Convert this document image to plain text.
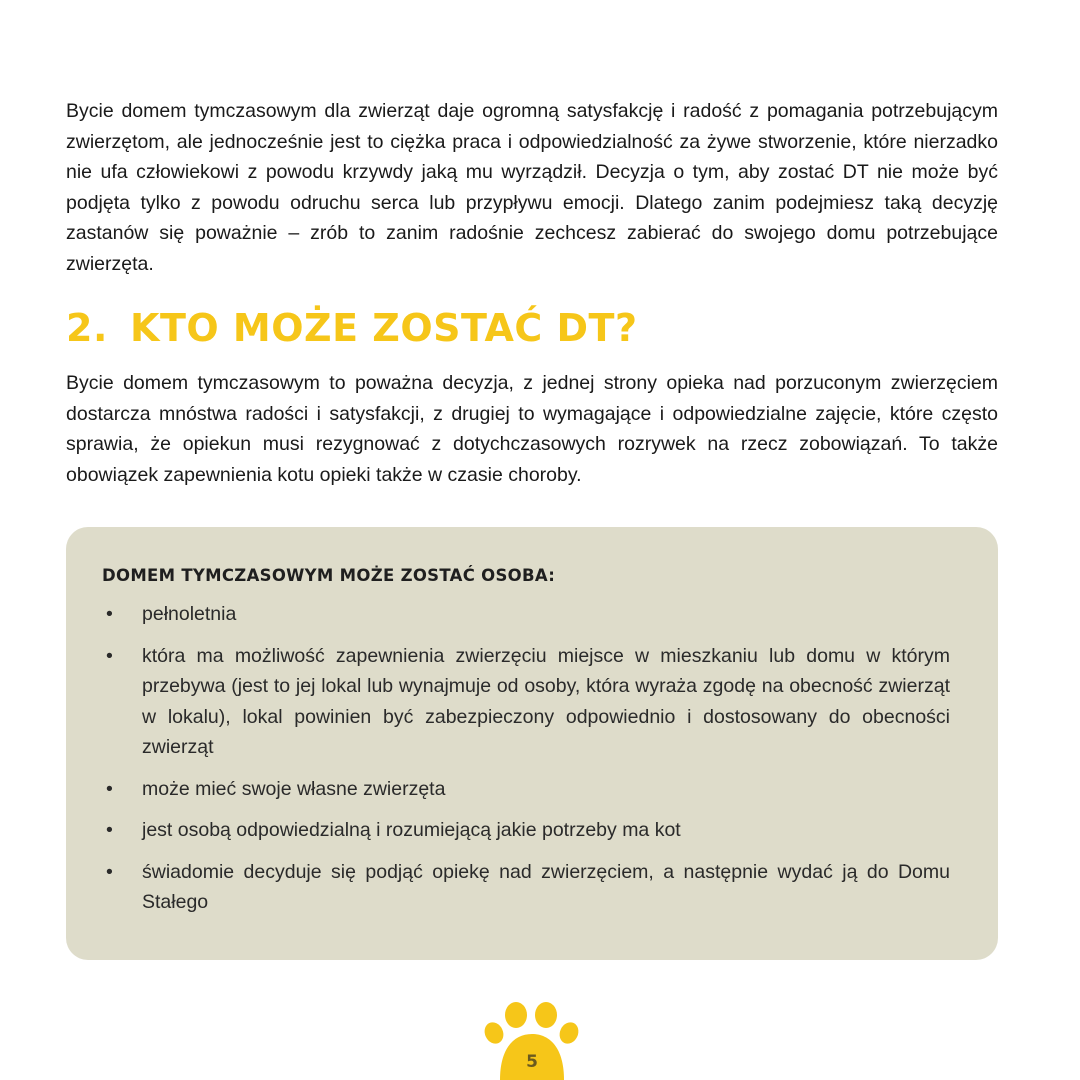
Bycie domem tymczasowym dla zwierząt daje ogromną satysfakcję i radość z pomagania potrzebującym zwierzętom, ale jednocześnie jest to ciężka praca i odpowiedzialność za żywe stworzenie, które nierzadko nie ufa człowiekowi z powodu krzywdy jaką mu wyrządził. Decyzja o tym, aby zostać DT nie może być podjęta tylko z powodu odruchu serca lub przypływu emocji. Dlatego zanim podejmiesz taką decyzję zastanów się poważnie – zrób to zanim radośnie zechcesz zabierać do swojego domu potrzebujące zwierzęta.

2. KTO MOŻE ZOSTAĆ DT?

Bycie domem tymczasowym to poważna decyzja, z jednej strony opieka nad porzuconym zwierzęciem dostarcza mnóstwa radości i satysfakcji, z drugiej to wymagające i odpowiedzialne zajęcie, które często sprawia, że opiekun musi rezygnować z dotychczasowych rozrywek na rzecz zobowiązań. To także obowiązek zapewnienia kotu opieki także w czasie choroby.

DOMEM TYMCZASOWYM MOŻE ZOSTAĆ OSOBA:
• pełnoletnia
• która ma możliwość zapewnienia zwierzęciu miejsce w mieszkaniu lub domu w którym przebywa (jest to jej lokal lub wynajmuje od osoby, która wyraża zgodę na obecność zwierząt w lokalu), lokal powinien być zabezpieczony odpowiednio i dostosowany do obecności zwierząt
• może mieć swoje własne zwierzęta
• jest osobą odpowiedzialną i rozumiejącą jakie potrzeby ma kot
• świadomie decyduje się podjąć opiekę nad zwierzęciem, a następnie wydać ją do Domu Stałego
5
